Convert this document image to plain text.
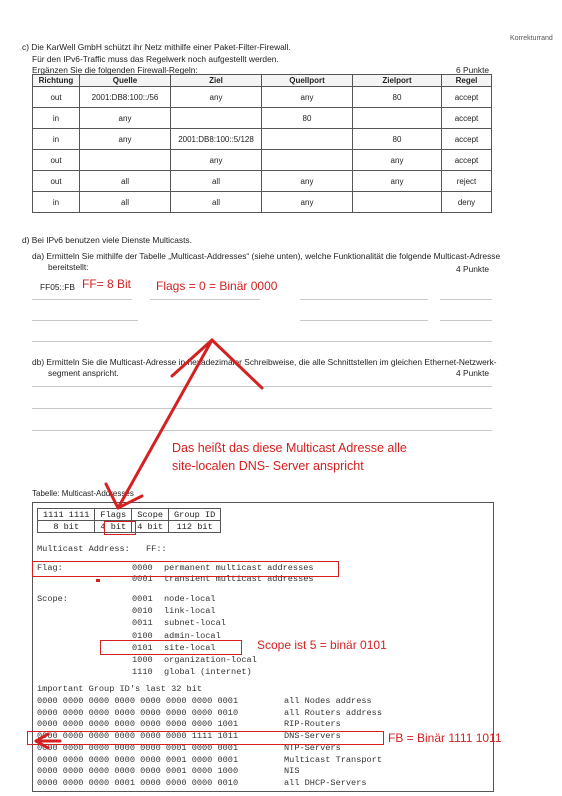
Korrekturrand
c) Die KarWell GmbH schützt ihr Netz mithilfe einer Paket-Filter-Firewall.
Für den IPv6-Traffic muss das Regelwerk noch aufgestellt werden.
Ergänzen Sie die folgenden Firewall-Regeln:	6 Punkte
Richtung	Quelle	Ziel	Quellport	Zielport	Regel
out	2001:DB8:100::/56	any	any	80	accept
in	any		80		accept
in	any	2001:DB8:100::5/128		80	accept
out		any		any	accept
out	all	all	any	any	reject
in	all	all	any		deny
d) Bei IPv6 benutzen viele Dienste Multicasts.
da) Ermitteln Sie mithilfe der Tabelle „Multicast-Addresses“ (siehe unten), welche Funktionalität die folgende Multicast-Adresse
bereitstellt:	4 Punkte
FF05::FB FF= 8 Bit Flags = 0 = Binär 0000
db) Ermitteln Sie die Multicast-Adresse in hexadezimaler Schreibweise, die alle Schnittstellen im gleichen Ethernet-Netzwerk-
segment anspricht.	4 Punkte
Das heißt das diese Multicast Adresse alle
site-localen DNS- Server anspricht
Tabelle: Multicast-Addresses
1111 1111	Flags	Scope	Group ID
8 bit	4 bit	4 bit	112 bit
Multicast Address: FF::
Flag:	0000 permanent multicast addresses
0001 transient multicast addresses
Scope:	0001 node-local
0010 link-local
0011 subnet-local
0100 admin-local
0101 site-local
1000 organization-local
1110 global (internet)
important Group ID's last 32 bit
0000 0000 0000 0000 0000 0000 0000 0001	all Nodes address
0000 0000 0000 0000 0000 0000 0000 0010	all Routers address
0000 0000 0000 0000 0000 0000 0000 1001	RIP-Routers
0000 0000 0000 0000 0000 0000 1111 1011	DNS-Servers
0000 0000 0000 0000 0000 0001 0000 0001	NTP-Servers
0000 0000 0000 0000 0000 0001 0000 0001	Multicast Transport
0000 0000 0000 0000 0000 0001 0000 1000	NIS
0000 0000 0000 0001 0000 0000 0000 0010	all DHCP-Servers
Scope ist 5 = binär 0101
FB = Binär 1111 1011
